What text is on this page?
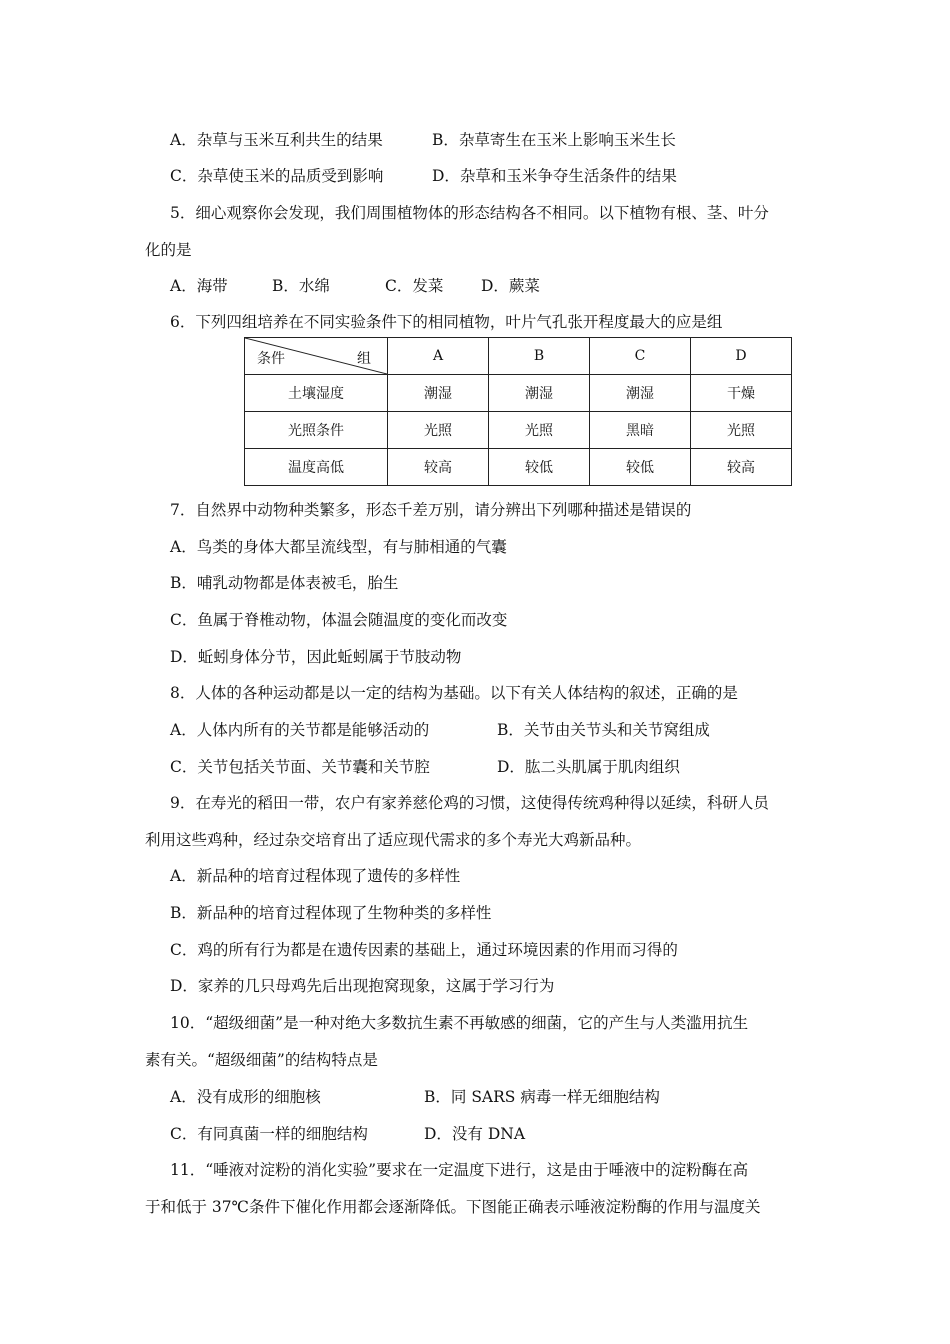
A．杂草与玉米互利共生的结果	B．杂草寄生在玉米上影响玉米生长
C．杂草使玉米的品质受到影响	D．杂草和玉米争夺生活条件的结果
5．细心观察你会发现，我们周围植物体的形态结构各不相同。以下植物有根、茎、叶分
化的是
A．海带	B．水绵	C．发菜 D．蕨菜
6．下列四组培养在不同实验条件下的相同植物，叶片气孔张开程度最大的应是组
条件 组	A	B	C	D
土壤湿度	潮湿	潮湿	潮湿	干燥
光照条件	光照	光照	黑暗	光照
温度高低	较高	较低	较低	较高
7．自然界中动物种类繁多，形态千差万别，请分辨出下列哪种描述是错误的
A．鸟类的身体大都呈流线型，有与肺相通的气囊
B．哺乳动物都是体表被毛，胎生
C．鱼属于脊椎动物，体温会随温度的变化而改变
D．蚯蚓身体分节，因此蚯蚓属于节肢动物
8．人体的各种运动都是以一定的结构为基础。以下有关人体结构的叙述，正确的是
A．人体内所有的关节都是能够活动的	B．关节由关节头和关节窝组成
C．关节包括关节面、关节囊和关节腔	D．肱二头肌属于肌肉组织
9．在寿光的稻田一带，农户有家养慈伦鸡的习惯，这使得传统鸡种得以延续，科研人员
利用这些鸡种，经过杂交培育出了适应现代需求的多个寿光大鸡新品种。
A．新品种的培育过程体现了遗传的多样性
B．新品种的培育过程体现了生物种类的多样性
C．鸡的所有行为都是在遗传因素的基础上，通过环境因素的作用而习得的
D．家养的几只母鸡先后出现抱窝现象，这属于学习行为
10．“超级细菌”是一种对绝大多数抗生素不再敏感的细菌，它的产生与人类滥用抗生
素有关。“超级细菌”的结构特点是
A．没有成形的细胞核	B．同 SARS 病毒一样无细胞结构
C．有同真菌一样的细胞结构	D．没有 DNA
11．“唾液对淀粉的消化实验”要求在一定温度下进行，这是由于唾液中的淀粉酶在高
于和低于 37℃条件下催化作用都会逐渐降低。下图能正确表示唾液淀粉酶的作用与温度关
